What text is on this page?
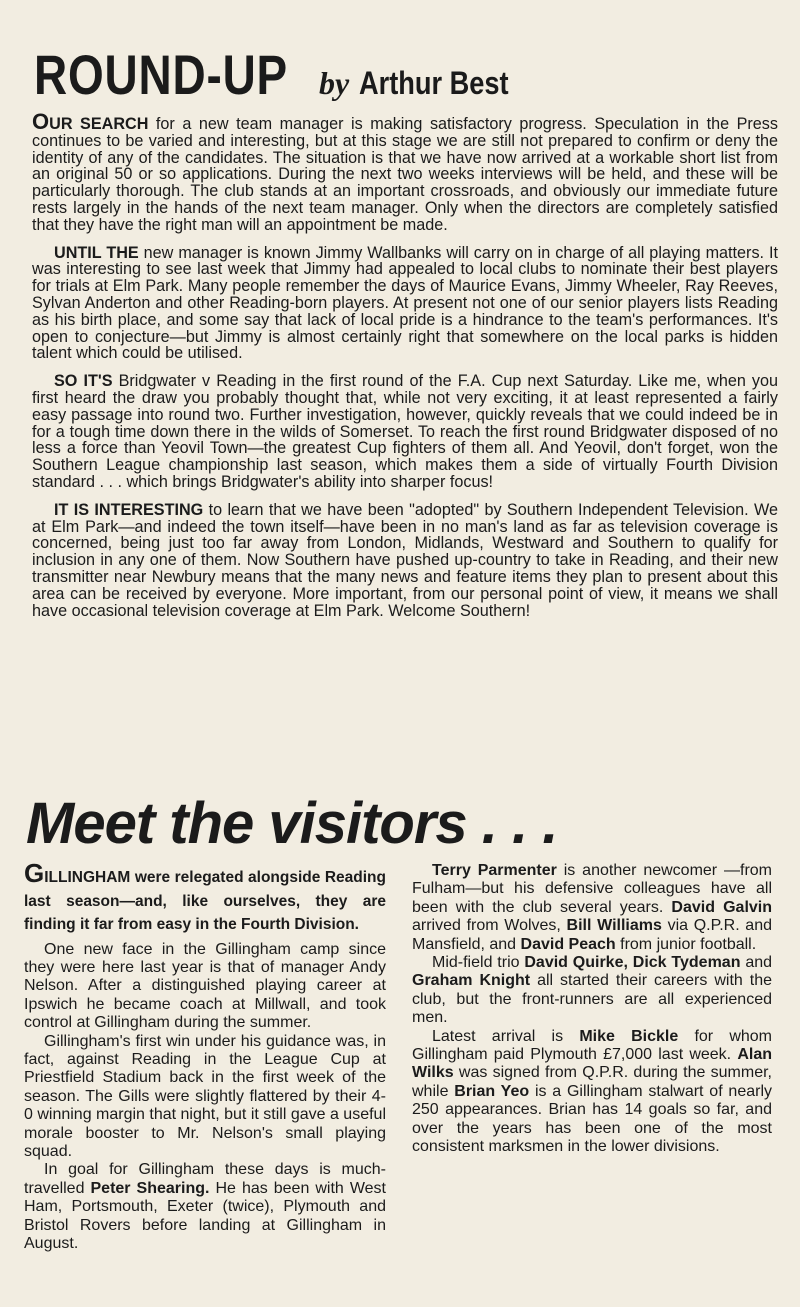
ROUND-UP by Arthur Best

OUR SEARCH for a new team manager is making satisfactory progress. Speculation in the Press continues to be varied and interesting, but at this stage we are still not prepared to confirm or deny the identity of any of the candidates. The situation is that we have now arrived at a workable short list from an original 50 or so applications. During the next two weeks interviews will be held, and these will be particularly thorough. The club stands at an important crossroads, and obviously our immediate future rests largely in the hands of the next team manager. Only when the directors are completely satisfied that they have the right man will an appointment be made.

UNTIL THE new manager is known Jimmy Wallbanks will carry on in charge of all playing matters. It was interesting to see last week that Jimmy had appealed to local clubs to nominate their best players for trials at Elm Park. Many people remember the days of Maurice Evans, Jimmy Wheeler, Ray Reeves, Sylvan Anderton and other Reading-born players. At present not one of our senior players lists Reading as his birth place, and some say that lack of local pride is a hindrance to the team's performances. It's open to conjecture—but Jimmy is almost certainly right that somewhere on the local parks is hidden talent which could be utilised.

SO IT'S Bridgwater v Reading in the first round of the F.A. Cup next Saturday. Like me, when you first heard the draw you probably thought that, while not very exciting, it at least represented a fairly easy passage into round two. Further investigation, however, quickly reveals that we could indeed be in for a tough time down there in the wilds of Somerset. To reach the first round Bridgwater disposed of no less a force than Yeovil Town—the greatest Cup fighters of them all. And Yeovil, don't forget, won the Southern League championship last season, which makes them a side of virtually Fourth Division standard . . . which brings Bridgwater's ability into sharper focus!

IT IS INTERESTING to learn that we have been "adopted" by Southern Independent Television. We at Elm Park—and indeed the town itself—have been in no man's land as far as television coverage is concerned, being just too far away from London, Midlands, Westward and Southern to qualify for inclusion in any one of them. Now Southern have pushed up-country to take in Reading, and their new transmitter near Newbury means that the many news and feature items they plan to present about this area can be received by everyone. More important, from our personal point of view, it means we shall have occasional television coverage at Elm Park. Welcome Southern!

Meet the visitors . . .

GILLINGHAM were relegated alongside Reading last season—and, like ourselves, they are finding it far from easy in the Fourth Division.

One new face in the Gillingham camp since they were here last year is that of manager Andy Nelson. After a distinguished playing career at Ipswich he became coach at Millwall, and took control at Gillingham during the summer.

Gillingham's first win under his guidance was, in fact, against Reading in the League Cup at Priestfield Stadium back in the first week of the season. The Gills were slightly flattered by their 4-0 winning margin that night, but it still gave a useful morale booster to Mr. Nelson's small playing squad.

In goal for Gillingham these days is much-travelled Peter Shearing. He has been with West Ham, Portsmouth, Exeter (twice), Plymouth and Bristol Rovers before landing at Gillingham in August.

Terry Parmenter is another newcomer —from Fulham—but his defensive colleagues have all been with the club several years. David Galvin arrived from Wolves, Bill Williams via Q.P.R. and Mansfield, and David Peach from junior football.

Mid-field trio David Quirke, Dick Tydeman and Graham Knight all started their careers with the club, but the front-runners are all experienced men.

Latest arrival is Mike Bickle for whom Gillingham paid Plymouth £7,000 last week. Alan Wilks was signed from Q.P.R. during the summer, while Brian Yeo is a Gillingham stalwart of nearly 250 appearances. Brian has 14 goals so far, and over the years has been one of the most consistent marksmen in the lower divisions.
